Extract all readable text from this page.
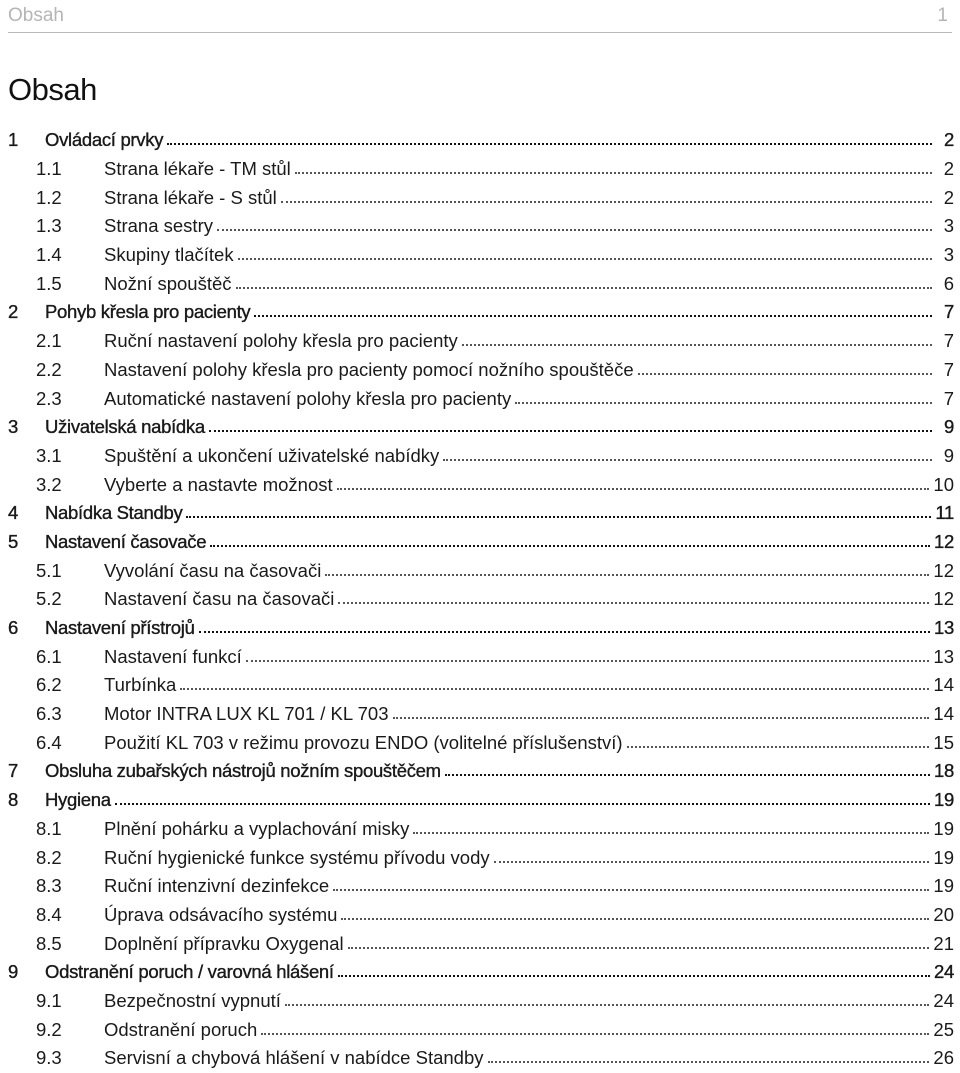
Obsah	1
Obsah
1	Ovládací prvky	2
1.1	Strana lékaře - TM stůl	2
1.2	Strana lékaře - S stůl	2
1.3	Strana sestry	3
1.4	Skupiny tlačítek	3
1.5	Nožní spouštěč	6
2	Pohyb křesla pro pacienty	7
2.1	Ruční nastavení polohy křesla pro pacienty	7
2.2	Nastavení polohy křesla pro pacienty pomocí nožního spouštěče	7
2.3	Automatické nastavení polohy křesla pro pacienty	7
3	Uživatelská nabídka	9
3.1	Spuštění a ukončení uživatelské nabídky	9
3.2	Vyberte a nastavte možnost	10
4	Nabídka Standby	11
5	Nastavení časovače	12
5.1	Vyvolání času na časovači	12
5.2	Nastavení času na časovači	12
6	Nastavení přístrojů	13
6.1	Nastavení funkcí	13
6.2	Turbínka	14
6.3	Motor INTRA LUX KL 701 / KL 703	14
6.4	Použití KL 703 v režimu provozu ENDO (volitelné příslušenství)	15
7	Obsluha zubařských nástrojů nožním spouštěčem	18
8	Hygiena	19
8.1	Plnění pohárku a vyplachování misky	19
8.2	Ruční hygienické funkce systému přívodu vody	19
8.3	Ruční intenzivní dezinfekce	19
8.4	Úprava odsávacího systému	20
8.5	Doplnění přípravku Oxygenal	21
9	Odstranění poruch / varovná hlášení	24
9.1	Bezpečnostní vypnutí	24
9.2	Odstranění poruch	25
9.3	Servisní a chybová hlášení v nabídce Standby	26
